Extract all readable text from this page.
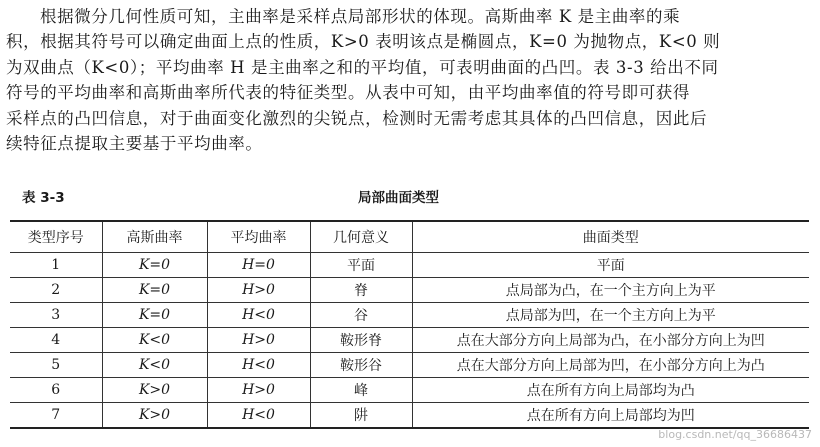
根据微分几何性质可知，主曲率是采样点局部形状的体现。高斯曲率 K 是主曲率的乘
积，根据其符号可以确定曲面上点的性质，K>0 表明该点是椭圆点，K=0 为抛物点，K<0 则
为双曲点（K<0）；平均曲率 H 是主曲率之和的平均值，可表明曲面的凸凹。表 3-3 给出不同
符号的平均曲率和高斯曲率所代表的特征类型。从表中可知，由平均曲率值的符号即可获得
采样点的凸凹信息，对于曲面变化激烈的尖锐点，检测时无需考虑其具体的凸凹信息，因此后
续特征点提取主要基于平均曲率。
表 3-3	局部曲面类型
类型序号	高斯曲率	平均曲率	几何意义	曲面类型
1	K=0	H=0	平面	平面
2	K=0	H>0	脊	点局部为凸，在一个主方向上为平
3	K=0	H<0	谷	点局部为凹，在一个主方向上为平
4	K<0	H>0	鞍形脊	点在大部分方向上局部为凸，在小部分方向上为凹
5	K<0	H<0	鞍形谷	点在大部分方向上局部为凹，在小部分方向上为凸
6	K>0	H>0	峰	点在所有方向上局部均为凸
7	K>0	H<0	阱	点在所有方向上局部均为凹
blog.csdn.net/qq_36686437
